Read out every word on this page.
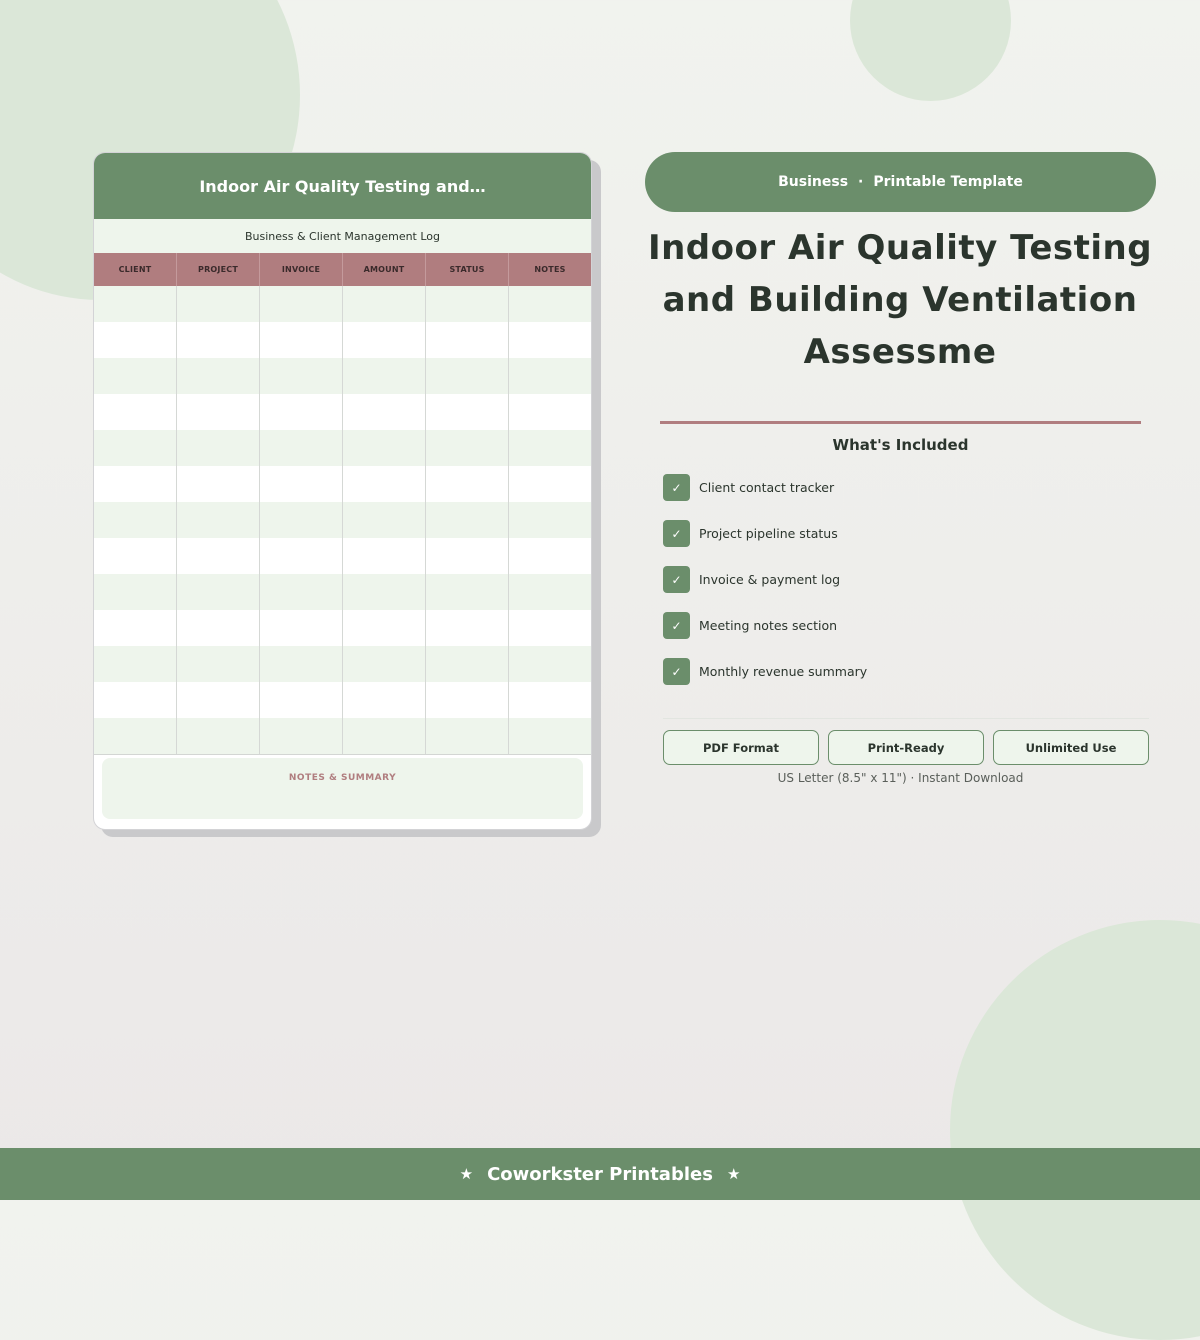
Indoor Air Quality Testing and…
Business & Client Management Log
CLIENT	PROJECT	INVOICE	AMOUNT	STATUS	NOTES
NOTES & SUMMARY
Business · Printable Template
Indoor Air Quality Testing and Building Ventilation Assessme
What's Included
✓	Client contact tracker
✓	Project pipeline status
✓	Invoice & payment log
✓	Meeting notes section
✓	Monthly revenue summary
PDF Format	Print-Ready	Unlimited Use
US Letter (8.5" x 11") · Instant Download
★ Coworkster Printables ★
